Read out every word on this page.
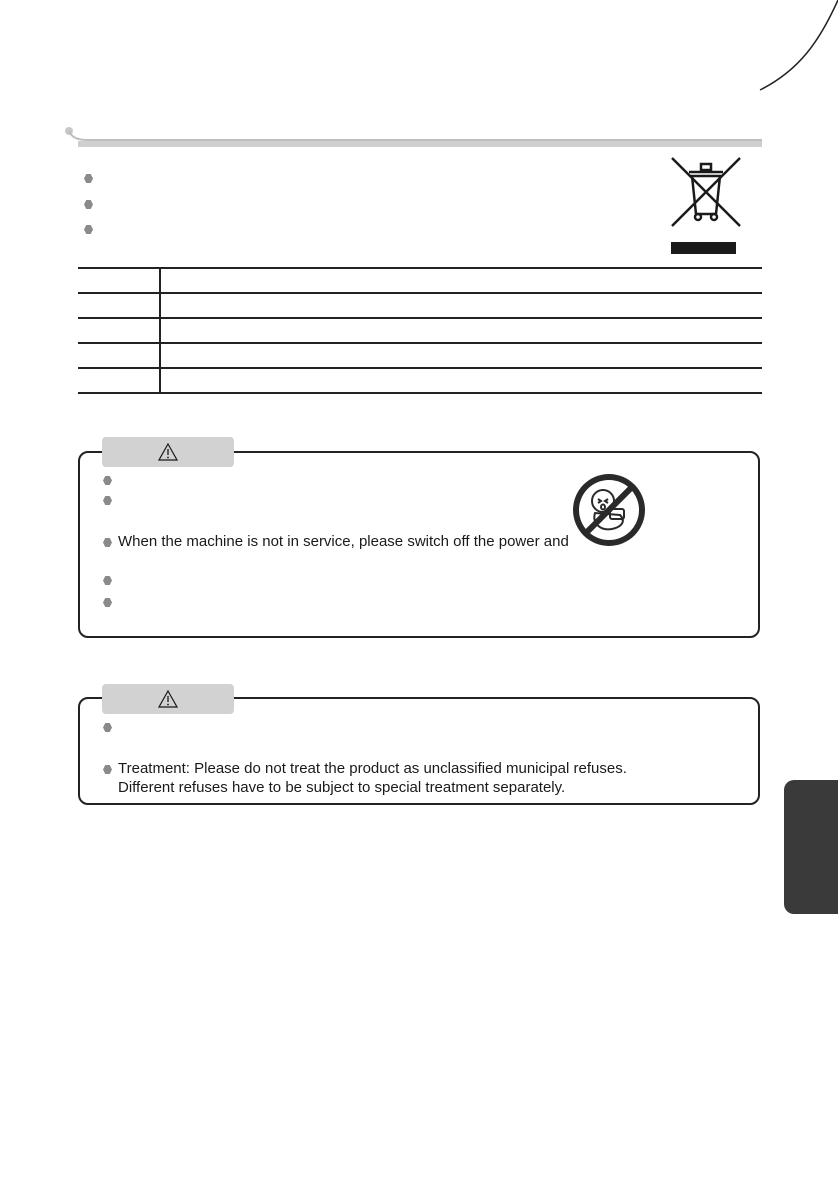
When the machine is not in service, please switch off the power and
Treatment: Please do not treat the product as unclassified municipal refuses.
Different refuses have to be subject to special treatment separately.
